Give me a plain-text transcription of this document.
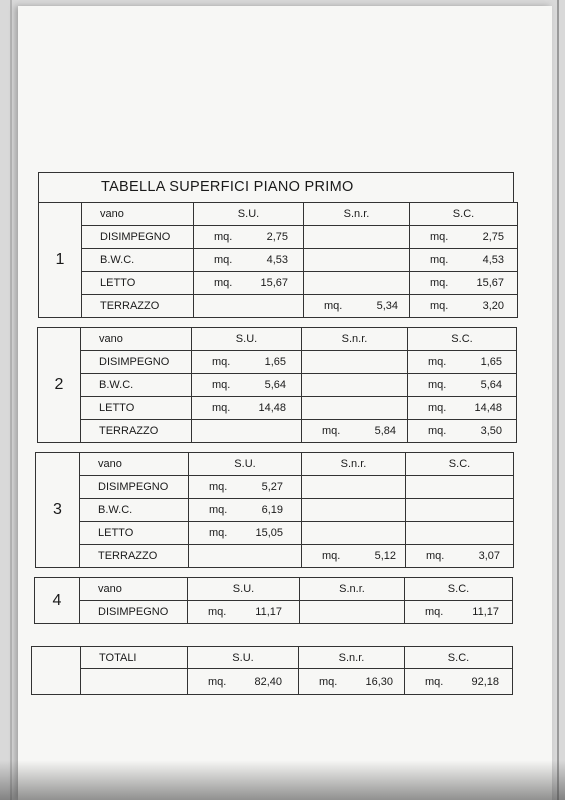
TABELLA SUPERFICI PIANO PRIMO
1	vano	S.U.	S.n.r.	S.C.
	DISIMPEGNO	mq. 2,75		mq. 2,75
	B.W.C.	mq. 4,53		mq. 4,53
	LETTO	mq. 15,67		mq. 15,67
	TERRAZZO		mq. 5,34	mq. 3,20
2	vano	S.U.	S.n.r.	S.C.
	DISIMPEGNO	mq. 1,65		mq. 1,65
	B.W.C.	mq. 5,64		mq. 5,64
	LETTO	mq. 14,48		mq. 14,48
	TERRAZZO		mq. 5,84	mq. 3,50
3	vano	S.U.	S.n.r.	S.C.
	DISIMPEGNO	mq. 5,27		
	B.W.C.	mq. 6,19		
	LETTO	mq. 15,05		
	TERRAZZO		mq. 5,12	mq. 3,07
4	vano	S.U.	S.n.r.	S.C.
	DISIMPEGNO	mq. 11,17		mq. 11,17
	TOTALI	S.U.	S.n.r.	S.C.
		mq. 82,40	mq. 16,30	mq. 92,18
